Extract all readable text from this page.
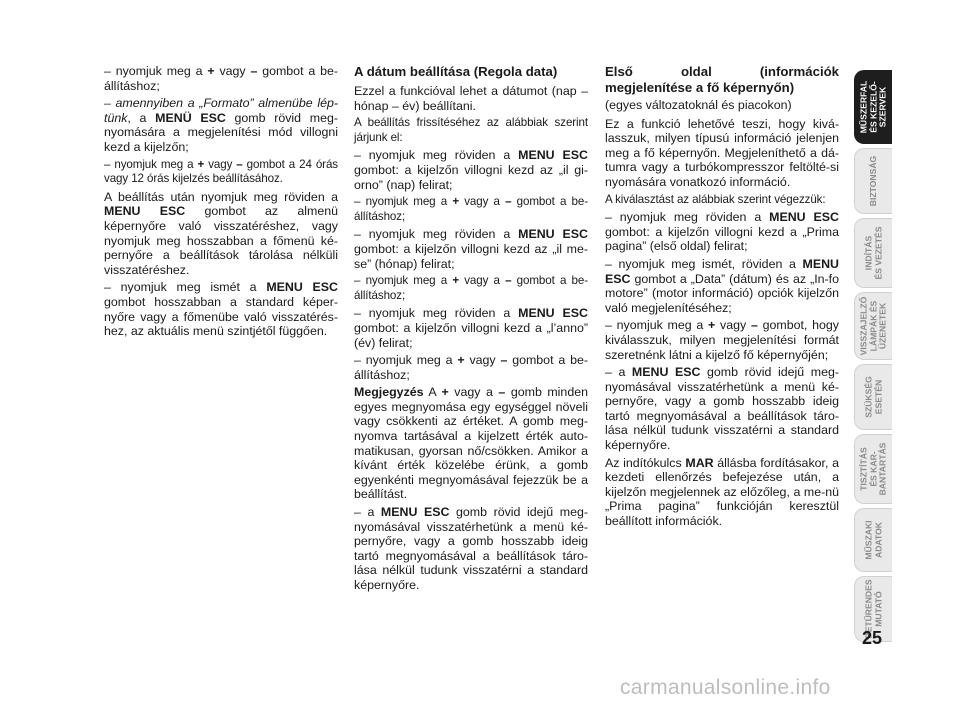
– nyomjuk meg a + vagy – gombot a be-állításhoz;

– amennyiben a „Formato” almenübe lép-tünk, a MENÜ ESC gomb rövid meg-nyomására a megjelenítési mód villogni kezd a kijelzőn;

– nyomjuk meg a + vagy – gombot a 24 órás vagy 12 órás kijelzés beállításához.

A beállítás után nyomjuk meg röviden a MENU ESC gombot az almenü képernyőre való visszatéréshez, vagy nyomjuk meg hosszabban a főmenü ké-pernyőre a beállítások tárolása nélküli visszatéréshez.

– nyomjuk meg ismét a MENU ESC gombot hosszabban a standard képer-nyőre vagy a főmenübe való visszatérés-hez, az aktuális menü szintjétől függően.

A dátum beállítása (Regola data)

Ezzel a funkcióval lehet a dátumot (nap – hónap – év) beállítani.

A beállítás frissítéséhez az alábbiak szerint járjunk el:

– nyomjuk meg röviden a MENU ESC gombot: a kijelzőn villogni kezd az „il gi-orno” (nap) felirat;

– nyomjuk meg a + vagy a – gombot a be-állításhoz;

– nyomjuk meg röviden a MENU ESC gombot: a kijelzőn villogni kezd az „il me-se” (hónap) felirat;

– nyomjuk meg a + vagy a – gombot a be-állításhoz;

– nyomjuk meg röviden a MENU ESC gombot: a kijelzőn villogni kezd a „l’anno” (év) felirat;

– nyomjuk meg a + vagy – gombot a be-állításhoz;

Megjegyzés A + vagy a – gomb minden egyes megnyomása egy egységgel növeli vagy csökkenti az értéket. A gomb meg-nyomva tartásával a kijelzett érték auto-matikusan, gyorsan nő/csökken. Amikor a kívánt érték közelébe érünk, a gomb egyenkénti megnyomásával fejezzük be a beállítást.

– a MENU ESC gomb rövid idejű meg-nyomásával visszatérhetünk a menü ké-pernyőre, vagy a gomb hosszabb ideig tartó megnyomásával a beállítások táro-lása nélkül tudunk visszatérni a standard képernyőre.

Első oldal (információk megjelenítése a fő képernyőn)

(egyes változatoknál és piacokon)

Ez a funkció lehetővé teszi, hogy kivá-lasszuk, milyen típusú információ jelenjen meg a fő képernyőn. Megjeleníthető a dá-tumra vagy a turbókompresszor feltölté-si nyomására vonatkozó információ.

A kiválasztást az alábbiak szerint végezzük:

– nyomjuk meg röviden a MENU ESC gombot: a kijelzőn villogni kezd a „Prima pagina” (első oldal) felirat;

– nyomjuk meg ismét, röviden a MENU ESC gombot a „Data” (dátum) és az „In-fo motore” (motor információ) opciók kijelzőn való megjelenítéséhez;

– nyomjuk meg a + vagy – gombot, hogy kiválasszuk, milyen megjelenítési formát szeretnénk látni a kijelző fő képernyőjén;

– a MENU ESC gomb rövid idejű meg-nyomásával visszatérhetünk a menü ké-pernyőre, vagy a gomb hosszabb ideig tartó megnyomásával a beállítások táro-lása nélkül tudunk visszatérni a standard képernyőre.

Az indítókulcs MAR állásba fordításakor, a kezdeti ellenőrzés befejezése után, a kijelzőn megjelennek az előzőleg, a me-nü „Prima pagina” funkcióján keresztül beállított információk.

MŰSZERFAL
ÉS KEZELŐ-
SZERVEK
BIZTONSÁG
INDÍTÁS
ÉS VEZETÉS
VISSZAJELZŐ
LÁMPÁK ÉS
ÜZENETEK
SZÜKSÉG
ESETÉN
TISZTÍTÁS
ÉS KAR-
BANTARTÁS
MŰSZAKI
ADATOK
BETŰRENDES
MUTATÓ
25
carmanualsonline.info
